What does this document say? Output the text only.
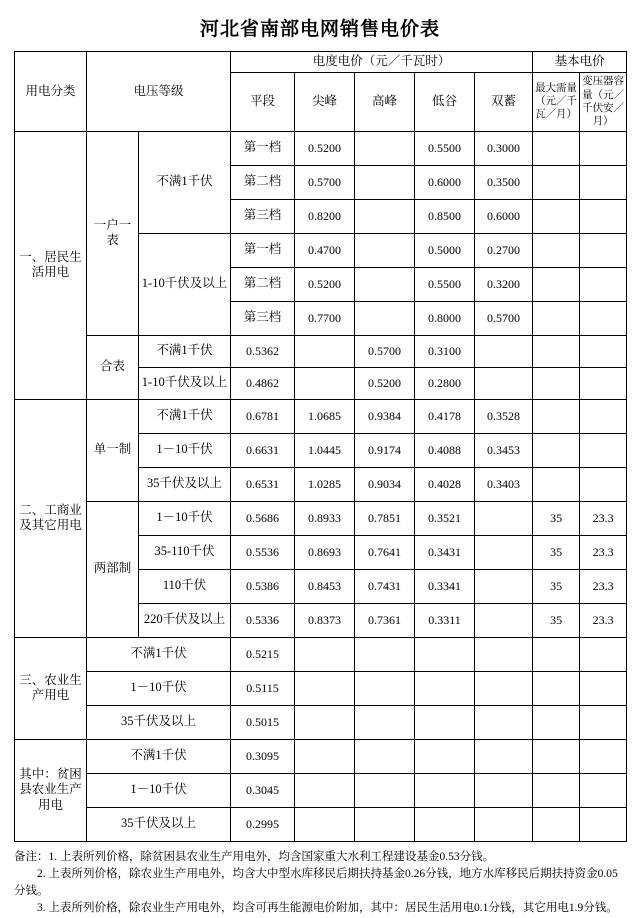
河北省南部电网销售电价表
用电分类	电压等级		电度电价（元／千瓦时）					基本电价		
			平段	尖峰	高峰	低谷	双蓄	最大需量（元／千瓦／月）	变压器容量（元／千伏安／月）	
一、居民生活用电	一户一表	不满1千伏	第一档	0.5200		0.5500	0.3000			
			第二档	0.5700		0.6000	0.3500			
			第三档	0.8200		0.8500	0.6000			
		1-10千伏及以上	第一档	0.4700		0.5000	0.2700			
			第二档	0.5200		0.5500	0.3200			
			第三档	0.7700		0.8000	0.5700			
	合表	不满1千伏	0.5362		0.5700	0.3100				
		1-10千伏及以上	0.4862		0.5200	0.2800				
二、工商业及其它用电	单一制	不满1千伏	0.6781	1.0685	0.9384	0.4178	0.3528			
		1－10千伏	0.6631	1.0445	0.9174	0.4088	0.3453			
		35千伏及以上	0.6531	1.0285	0.9034	0.4028	0.3403			
	两部制	1－10千伏	0.5686	0.8933	0.7851	0.3521		35	23.3	
		35-110千伏	0.5536	0.8693	0.7641	0.3431		35	23.3	
		110千伏	0.5386	0.8453	0.7431	0.3341		35	23.3	
		220千伏及以上	0.5336	0.8373	0.7361	0.3311		35	23.3	
三、农业生产用电	不满1千伏		0.5215							
	1－10千伏		0.5115							
	35千伏及以上		0.5015							
其中：贫困县农业生产用电	不满1千伏		0.3095							
	1－10千伏		0.3045							
	35千伏及以上		0.2995							
备注：1. 上表所列价格，除贫困县农业生产用电外，均含国家重大水利工程建设基金0.53分钱。
2. 上表所列价格，除农业生产用电外，均含大中型水库移民后期扶持基金0.26分钱，地方水库移民后期扶持资金0.05分钱。
3. 上表所列价格，除农业生产用电外，均含可再生能源电价附加，其中：居民生活用电0.1分钱，其它用电1.9分钱。
